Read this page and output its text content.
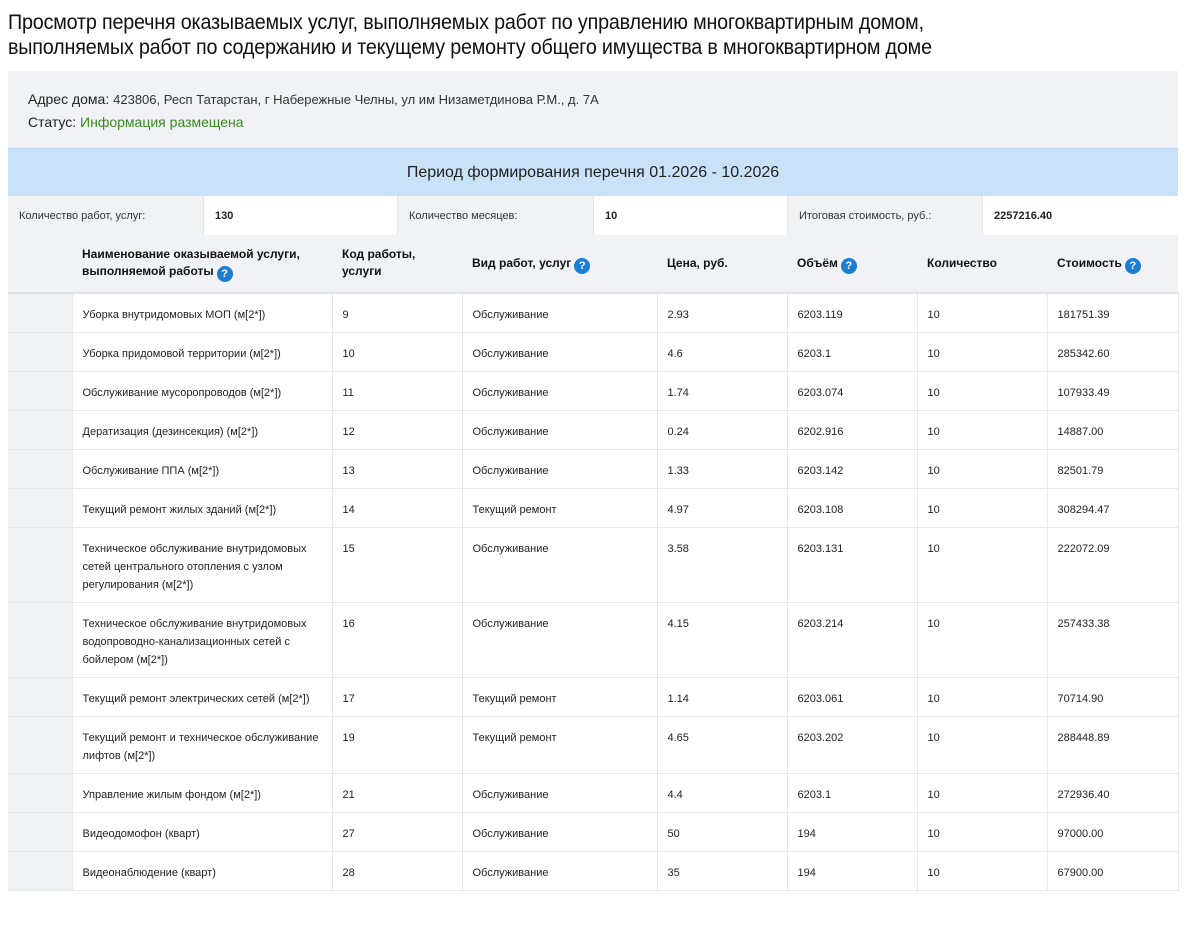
Просмотр перечня оказываемых услуг, выполняемых работ по управлению многоквартирным домом,
выполняемых работ по содержанию и текущему ремонту общего имущества в многоквартирном доме
Адрес дома: 423806, Респ Татарстан, г Набережные Челны, ул им Низаметдинова Р.М., д. 7А
Статус: Информация размещена
Период формирования перечня 01.2026 - 10.2026
Количество работ, услуг:	130	Количество месяцев:	10	Итоговая стоимость, руб.:	2257216.40
	Наименование оказываемой услуги, выполняемой работы ?	Код работы, услуги	Вид работ, услуг ?	Цена, руб.	Объём ?	Количество	Стоимость ?
	Уборка внутридомовых МОП (м[2*])	9	Обслуживание	2.93	6203.119	10	181751.39
	Уборка придомовой территории (м[2*])	10	Обслуживание	4.6	6203.1	10	285342.60
	Обслуживание мусоропроводов (м[2*])	11	Обслуживание	1.74	6203.074	10	107933.49
	Дератизация (дезинсекция) (м[2*])	12	Обслуживание	0.24	6202.916	10	14887.00
	Обслуживание ППА (м[2*])	13	Обслуживание	1.33	6203.142	10	82501.79
	Текущий ремонт жилых зданий (м[2*])	14	Текущий ремонт	4.97	6203.108	10	308294.47
	Техническое обслуживание внутридомовых сетей центрального отопления с узлом регулирования (м[2*])	15	Обслуживание	3.58	6203.131	10	222072.09
	Техническое обслуживание внутридомовых водопроводно-канализационных сетей с бойлером (м[2*])	16	Обслуживание	4.15	6203.214	10	257433.38
	Текущий ремонт электрических сетей (м[2*])	17	Текущий ремонт	1.14	6203.061	10	70714.90
	Текущий ремонт и техническое обслуживание лифтов (м[2*])	19	Текущий ремонт	4.65	6203.202	10	288448.89
	Управление жилым фондом (м[2*])	21	Обслуживание	4.4	6203.1	10	272936.40
	Видеодомофон (кварт)	27	Обслуживание	50	194	10	97000.00
	Видеонаблюдение (кварт)	28	Обслуживание	35	194	10	67900.00
